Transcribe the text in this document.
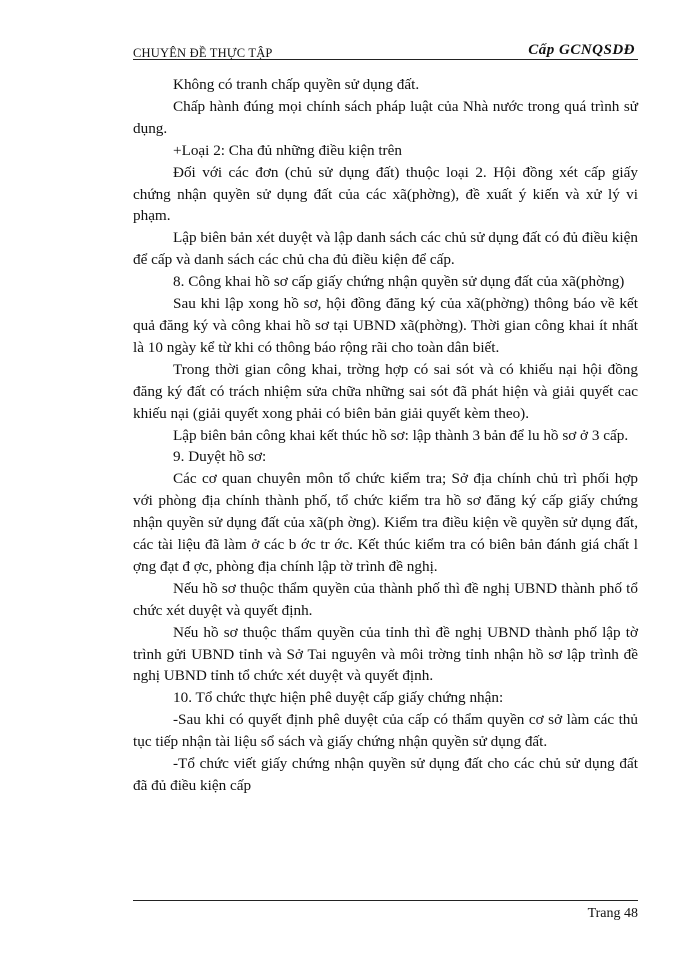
CHUYÊN ĐỀ THỰC TẬP	Cấp GCNQSDĐ

Không có tranh chấp quyền sử dụng đất.

Chấp hành đúng mọi chính sách pháp luật của Nhà nước trong quá trình sử dụng.

+Loại 2: Cha đủ những điều kiện trên

Đối với các đơn (chủ sử dụng đất) thuộc loại 2. Hội đồng xét cấp giấy chứng nhận quyền sử dụng đất của các xã(phờng), đề xuất ý kiến và xử lý vi phạm.

Lập biên bản xét duyệt và lập danh sách các chủ sử dụng đất có đủ điều kiện để cấp và danh sách các chủ cha đủ điều kiện để cấp.

8. Công khai hồ sơ cấp giấy chứng nhận quyền sử dụng đất của xã(phờng)

Sau khi lập xong hồ sơ, hội đồng đăng ký của xã(phờng) thông báo về kết quả đăng ký và công khai hồ sơ tại UBND xã(phờng). Thời gian công khai ít nhất là 10 ngày kể từ khi có thông báo rộng rãi cho toàn dân biết.

Trong thời gian công khai, trờng hợp có sai sót và có khiếu nại hội đồng đăng ký đất có trách nhiệm sửa chữa những sai sót đã phát hiện và giải quyết cac khiếu nại (giải quyết xong phải có biên bản giải quyết kèm theo).

Lập biên bản công khai kết thúc hồ sơ: lập thành 3 bản để lu hồ sơ ở 3 cấp.

9. Duyệt hồ sơ:

Các cơ quan chuyên môn tổ chức kiểm tra; Sở địa chính chủ trì phối hợp với phòng địa chính thành phố, tổ chức kiểm tra hồ sơ đăng ký cấp giấy chứng nhận quyền sử dụng đất của xã(ph ờng). Kiểm tra điều kiện về quyền sử dụng đất, các tài liệu đã làm ở các b ớc tr ớc. Kết thúc kiểm tra có biên bản đánh giá chất l ợng đạt đ ợc, phòng địa chính lập tờ trình đề nghị.

Nếu hồ sơ thuộc thẩm quyền của thành phố thì đề nghị UBND thành phố tổ chức xét duyệt và quyết định.

Nếu hồ sơ thuộc thẩm quyền của tỉnh thì đề nghị UBND thành phố lập tờ trình gửi UBND tỉnh và Sở Tai nguyên và môi trờng tỉnh nhận hồ sơ lập trình đề nghị UBND tỉnh tổ chức xét duyệt và quyết định.

10. Tổ chức thực hiện phê duyệt cấp giấy chứng nhận:

-Sau khi có quyết định phê duyệt của cấp có thẩm quyền cơ sở làm các thủ tục tiếp nhận tài liệu sổ sách và giấy chứng nhận quyền sử dụng đất.

-Tổ chức viết giấy chứng nhận quyền sử dụng đất cho các chủ sử dụng đất đã đủ điều kiện cấp

Trang 48
